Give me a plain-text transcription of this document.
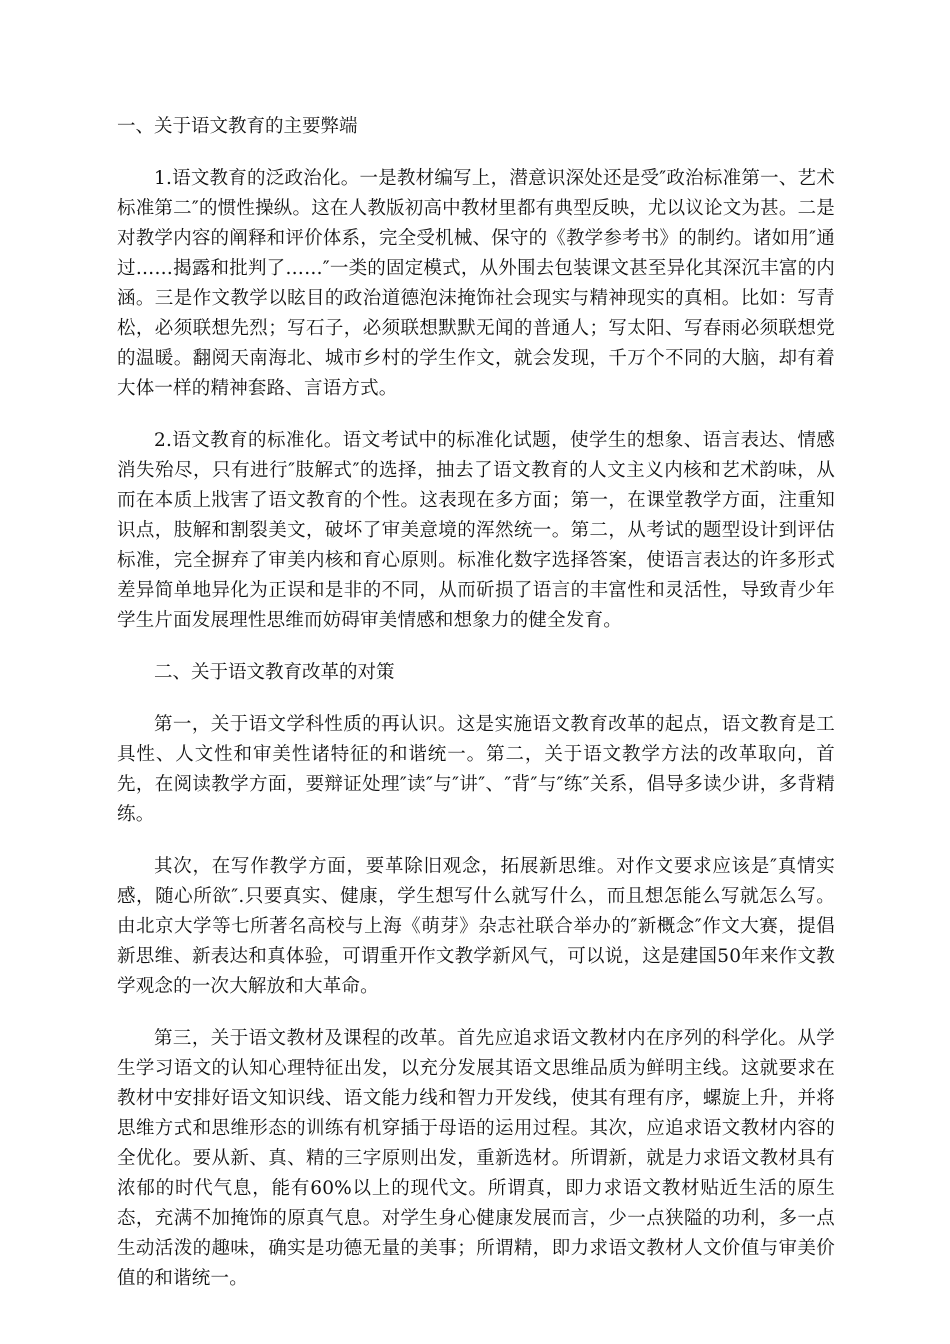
一、关于语文教育的主要弊端

1.语文教育的泛政治化。一是教材编写上，潜意识深处还是受″政治标准第一、艺术标准第二″的惯性操纵。这在人教版初高中教材里都有典型反映，尤以议论文为甚。二是对教学内容的阐释和评价体系，完全受机械、保守的《教学参考书》的制约。诸如用″通过……揭露和批判了……″一类的固定模式，从外围去包装课文甚至异化其深沉丰富的内涵。三是作文教学以眩目的政治道德泡沫掩饰社会现实与精神现实的真相。比如：写青松，必须联想先烈；写石子，必须联想默默无闻的普通人；写太阳、写春雨必须联想党的温暖。翻阅天南海北、城市乡村的学生作文，就会发现，千万个不同的大脑，却有着大体一样的精神套路、言语方式。

2.语文教育的标准化。语文考试中的标准化试题，使学生的想象、语言表达、情感消失殆尽，只有进行″肢解式″的选择，抽去了语文教育的人文主义内核和艺术韵味，从而在本质上戕害了语文教育的个性。这表现在多方面；第一，在课堂教学方面，注重知识点，肢解和割裂美文，破坏了审美意境的浑然统一。第二，从考试的题型设计到评估标准，完全摒弃了审美内核和育心原则。标准化数字选择答案，使语言表达的许多形式差异简单地异化为正误和是非的不同，从而斫损了语言的丰富性和灵活性，导致青少年学生片面发展理性思维而妨碍审美情感和想象力的健全发育。

二、关于语文教育改革的对策

第一，关于语文学科性质的再认识。这是实施语文教育改革的起点，语文教育是工具性、人文性和审美性诸特征的和谐统一。第二，关于语文教学方法的改革取向，首先，在阅读教学方面，要辩证处理″读″与″讲″、″背″与″练″关系，倡导多读少讲，多背精练。

其次，在写作教学方面，要革除旧观念，拓展新思维。对作文要求应该是″真情实感，随心所欲″.只要真实、健康，学生想写什么就写什么，而且想怎能么写就怎么写。由北京大学等七所著名高校与上海《萌芽》杂志社联合举办的″新概念″作文大赛，提倡新思维、新表达和真体验，可谓重开作文教学新风气，可以说，这是建国50年来作文教学观念的一次大解放和大革命。

第三，关于语文教材及课程的改革。首先应追求语文教材内在序列的科学化。从学生学习语文的认知心理特征出发，以充分发展其语文思维品质为鲜明主线。这就要求在教材中安排好语文知识线、语文能力线和智力开发线，使其有理有序，螺旋上升，并将思维方式和思维形态的训练有机穿插于母语的运用过程。其次，应追求语文教材内容的全优化。要从新、真、精的三字原则出发，重新选材。所谓新，就是力求语文教材具有浓郁的时代气息，能有60%以上的现代文。所谓真，即力求语文教材贴近生活的原生态，充满不加掩饰的原真气息。对学生身心健康发展而言，少一点狭隘的功利，多一点生动活泼的趣味，确实是功德无量的美事；所谓精，即力求语文教材人文价值与审美价值的和谐统一。
